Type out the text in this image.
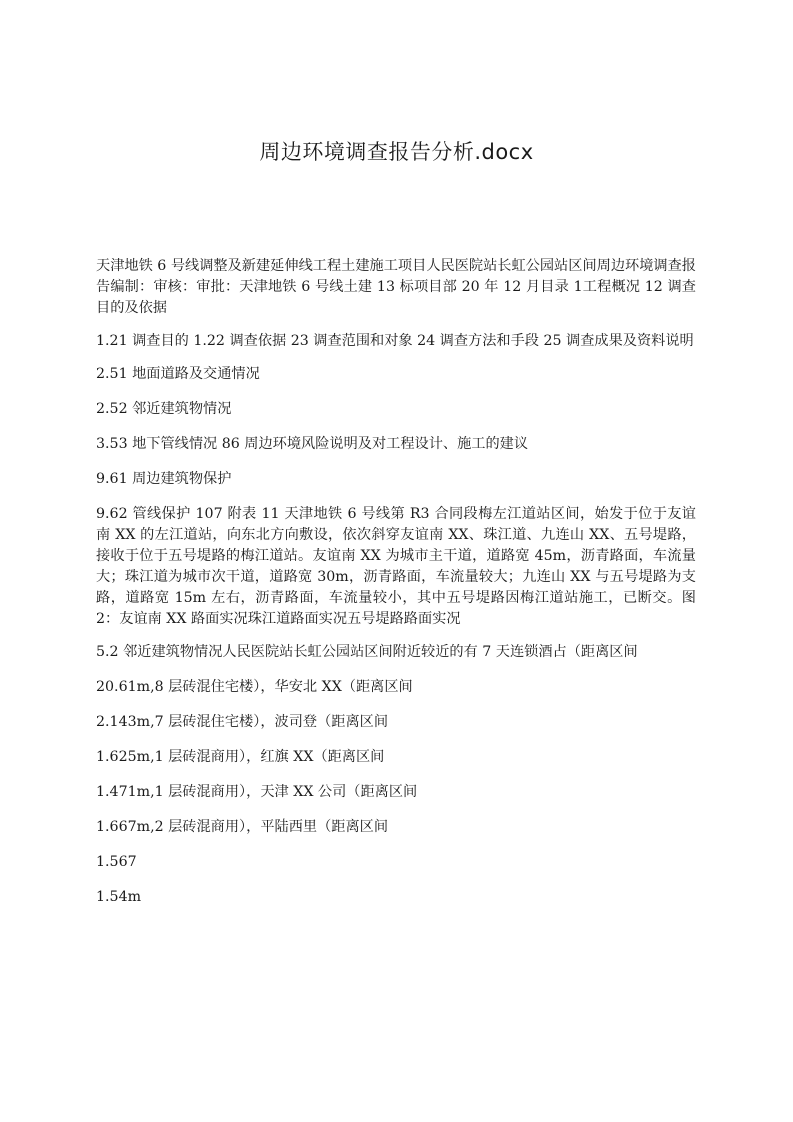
周边环境调查报告分析.docx

天津地铁 6 号线调整及新建延伸线工程土建施工项目人民医院站长虹公园站区间周边环境调查报告编制：审核：审批：天津地铁 6 号线土建 13 标项目部 20 年 12 月目录 1工程概况 12 调查目的及依据

1.21 调查目的 1.22 调查依据 23 调查范围和对象 24 调查方法和手段 25 调查成果及资料说明

2.51 地面道路及交通情况

2.52 邻近建筑物情况

3.53 地下管线情况 86 周边环境风险说明及对工程设计、施工的建议

9.61 周边建筑物保护

9.62 管线保护 107 附表 11 天津地铁 6 号线第 R3 合同段梅左江道站区间，始发于位于友谊南 XX 的左江道站，向东北方向敷设，依次斜穿友谊南 XX、珠江道、九连山 XX、五号堤路，接收于位于五号堤路的梅江道站。友谊南 XX 为城市主干道，道路宽 45m，沥青路面，车流量大；珠江道为城市次干道，道路宽 30m，沥青路面，车流量较大；九连山 XX 与五号堤路为支路，道路宽 15m 左右，沥青路面，车流量较小，其中五号堤路因梅江道站施工，已断交。图 2：友谊南 XX 路面实况珠江道路面实况五号堤路路面实况

5.2 邻近建筑物情况人民医院站长虹公园站区间附近较近的有 7 天连锁酒占（距离区间

20.61m,8 层砖混住宅楼），华安北 XX（距离区间

2.143m,7 层砖混住宅楼），波司登（距离区间

1.625m,1 层砖混商用），红旗 XX（距离区间

1.471m,1 层砖混商用），天津 XX 公司（距离区间

1.667m,2 层砖混商用），平陆西里（距离区间

1.567

1.54m
